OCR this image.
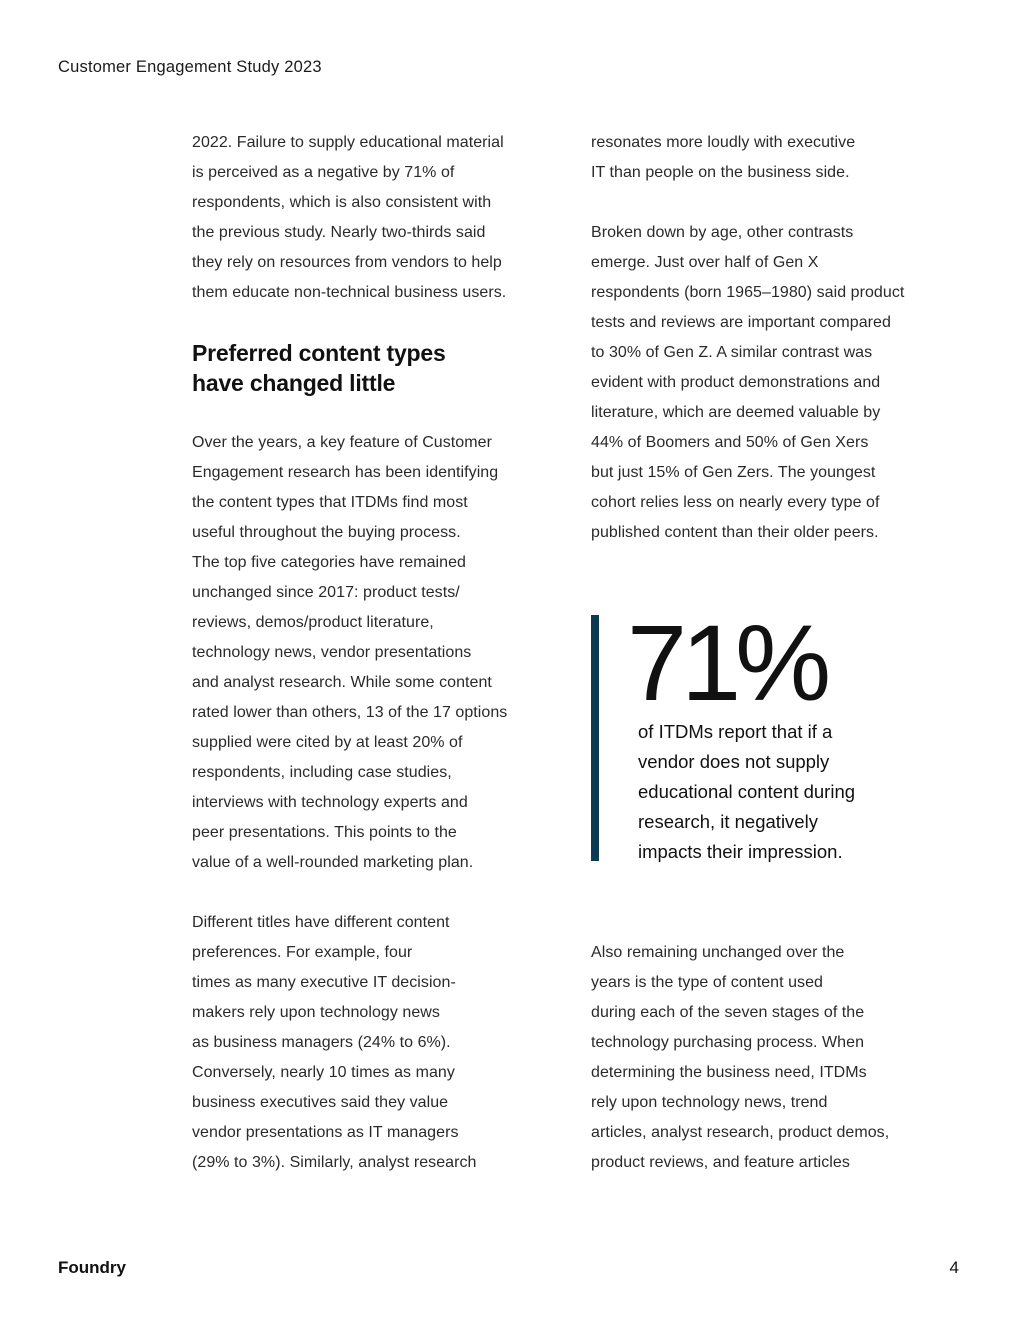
Customer Engagement Study 2023

2022. Failure to supply educational material
is perceived as a negative by 71% of
respondents, which is also consistent with
the previous study. Nearly two-thirds said
they rely on resources from vendors to help
them educate non-technical business users.

Preferred content types
have changed little

Over the years, a key feature of Customer
Engagement research has been identifying
the content types that ITDMs find most
useful throughout the buying process.
The top five categories have remained
unchanged since 2017: product tests/
reviews, demos/product literature,
technology news, vendor presentations
and analyst research. While some content
rated lower than others, 13 of the 17 options
supplied were cited by at least 20% of
respondents, including case studies,
interviews with technology experts and
peer presentations. This points to the
value of a well-rounded marketing plan.

Different titles have different content
preferences. For example, four
times as many executive IT decision-
makers rely upon technology news
as business managers (24% to 6%).
Conversely, nearly 10 times as many
business executives said they value
vendor presentations as IT managers
(29% to 3%). Similarly, analyst research

resonates more loudly with executive
IT than people on the business side.

Broken down by age, other contrasts
emerge. Just over half of Gen X
respondents (born 1965–1980) said product
tests and reviews are important compared
to 30% of Gen Z. A similar contrast was
evident with product demonstrations and
literature, which are deemed valuable by
44% of Boomers and 50% of Gen Xers
but just 15% of Gen Zers. The youngest
cohort relies less on nearly every type of
published content than their older peers.

71%

of ITDMs report that if a
vendor does not supply
educational content during
research, it negatively
impacts their impression.

Also remaining unchanged over the
years is the type of content used
during each of the seven stages of the
technology purchasing process. When
determining the business need, ITDMs
rely upon technology news, trend
articles, analyst research, product demos,
product reviews, and feature articles

Foundry	4
